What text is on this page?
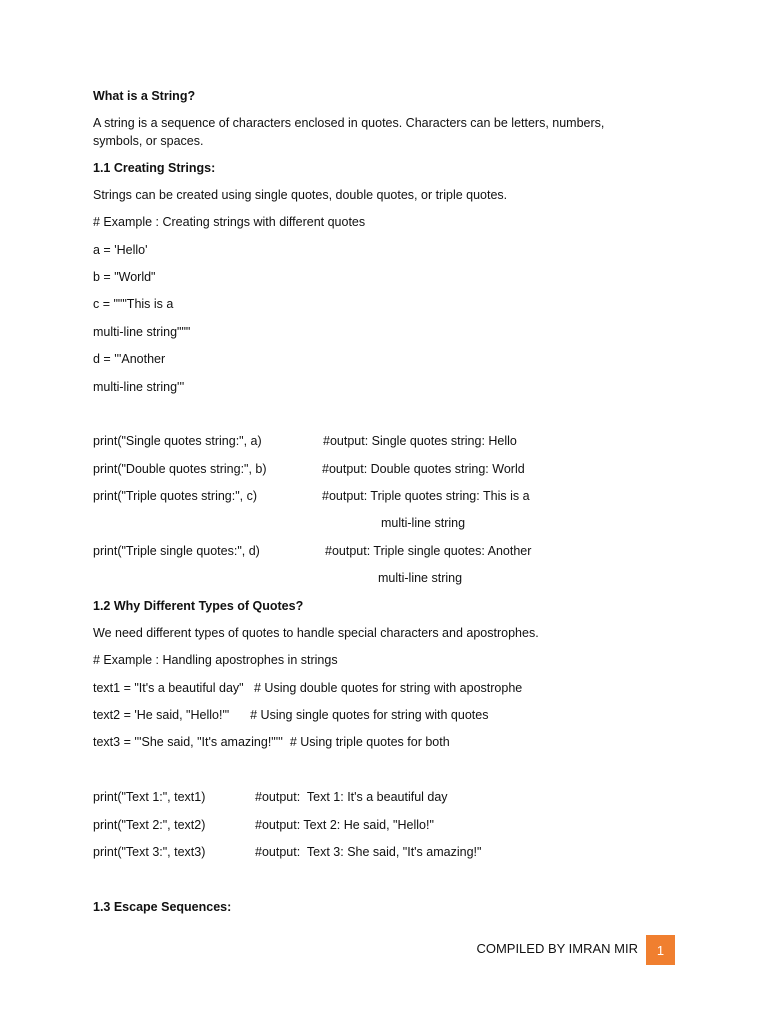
What is a String?
A string is a sequence of characters enclosed in quotes. Characters can be letters, numbers,
symbols, or spaces.
1.1 Creating Strings:
Strings can be created using single quotes, double quotes, or triple quotes.
# Example : Creating strings with different quotes
a = 'Hello'
b = "World"
c = """This is a
multi-line string"""
d = '''Another
multi-line string'''
print("Single quotes string:", a)	#output: Single quotes string: Hello
print("Double quotes string:", b)	#output: Double quotes string: World
print("Triple quotes string:", c)	#output: Triple quotes string: This is a
multi-line string
print("Triple single quotes:", d)	#output: Triple single quotes: Another
multi-line string
1.2 Why Different Types of Quotes?
We need different types of quotes to handle special characters and apostrophes.
# Example : Handling apostrophes in strings
text1 = "It's a beautiful day"   # Using double quotes for string with apostrophe
text2 = 'He said, "Hello!"'      # Using single quotes for string with quotes
text3 = '''She said, "It's amazing!"'''  # Using triple quotes for both
print("Text 1:", text1)	#output:  Text 1: It's a beautiful day
print("Text 2:", text2)	#output: Text 2: He said, "Hello!"
print("Text 3:", text3)	#output:  Text 3: She said, "It's amazing!"
1.3 Escape Sequences:
COMPILED BY IMRAN MIR 1
